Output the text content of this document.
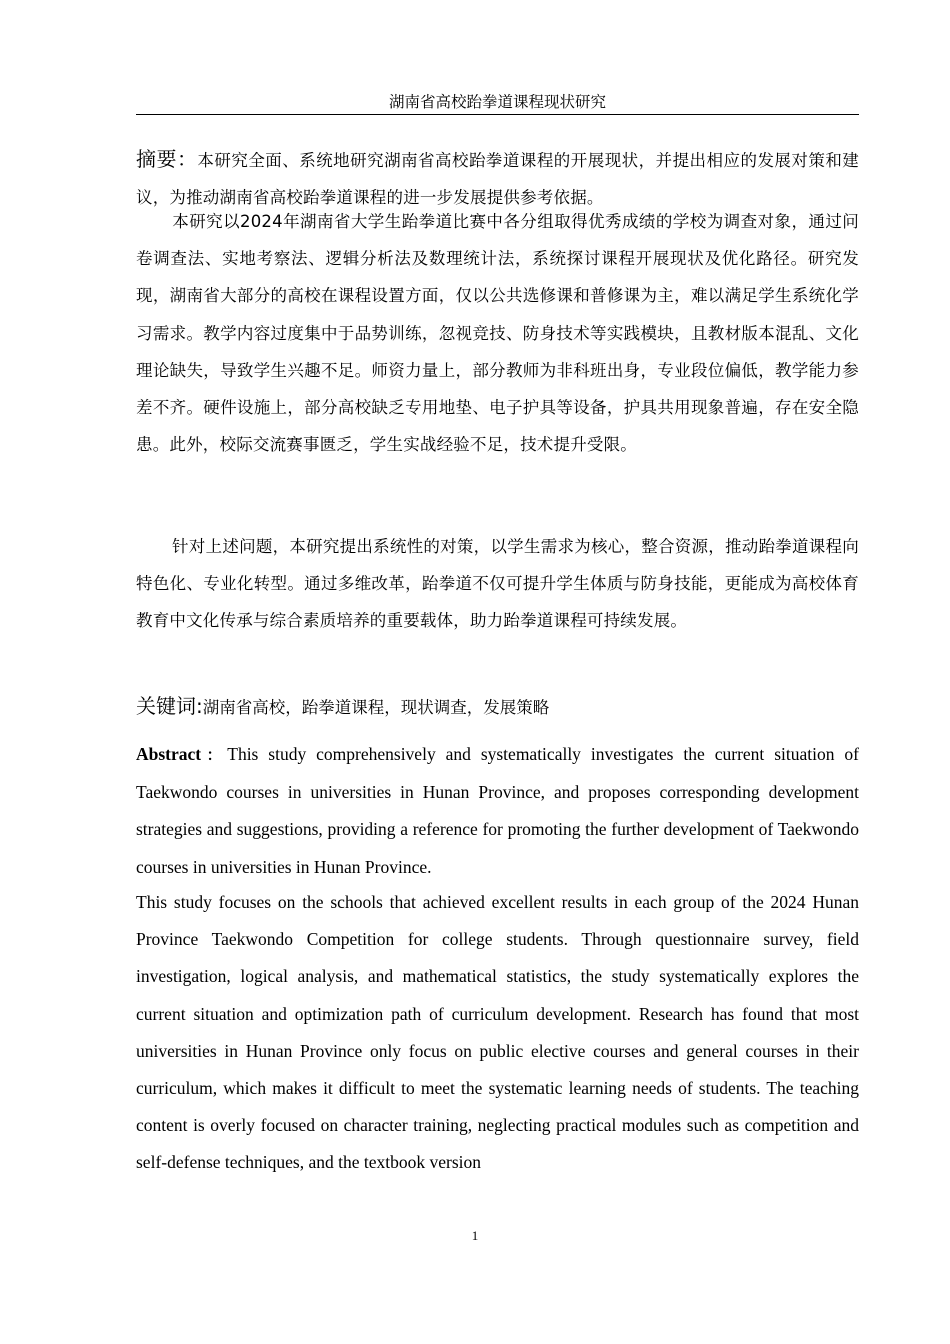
湖南省高校跆拳道课程现状研究

摘要：本研究全面、系统地研究湖南省高校跆拳道课程的开展现状，并提出相应的发展对策和建议，为推动湖南省高校跆拳道课程的进一步发展提供参考依据。

本研究以2024年湖南省大学生跆拳道比赛中各分组取得优秀成绩的学校为调查对象，通过问卷调查法、实地考察法、逻辑分析法及数理统计法，系统探讨课程开展现状及优化路径。研究发现，湖南省大部分的高校在课程设置方面，仅以公共选修课和普修课为主，难以满足学生系统化学习需求。教学内容过度集中于品势训练，忽视竞技、防身技术等实践模块，且教材版本混乱、文化理论缺失，导致学生兴趣不足。师资力量上，部分教师为非科班出身，专业段位偏低，教学能力参差不齐。硬件设施上，部分高校缺乏专用地垫、电子护具等设备，护具共用现象普遍，存在安全隐患。此外，校际交流赛事匮乏，学生实战经验不足，技术提升受限。

针对上述问题，本研究提出系统性的对策，以学生需求为核心，整合资源，推动跆拳道课程向特色化、专业化转型。通过多维改革，跆拳道不仅可提升学生体质与防身技能，更能成为高校体育教育中文化传承与综合素质培养的重要载体，助力跆拳道课程可持续发展。

关键词:湖南省高校，跆拳道课程，现状调查，发展策略

Abstract：This study comprehensively and systematically investigates the current situation of Taekwondo courses in universities in Hunan Province, and proposes corresponding development strategies and suggestions, providing a reference for promoting the further development of Taekwondo courses in universities in Hunan Province.

This study focuses on the schools that achieved excellent results in each group of the 2024 Hunan Province Taekwondo Competition for college students. Through questionnaire survey, field investigation, logical analysis, and mathematical statistics, the study systematically explores the current situation and optimization path of curriculum development. Research has found that most universities in Hunan Province only focus on public elective courses and general courses in their curriculum, which makes it difficult to meet the systematic learning needs of students. The teaching content is overly focused on character training, neglecting practical modules such as competition and self-defense techniques, and the textbook version

1
